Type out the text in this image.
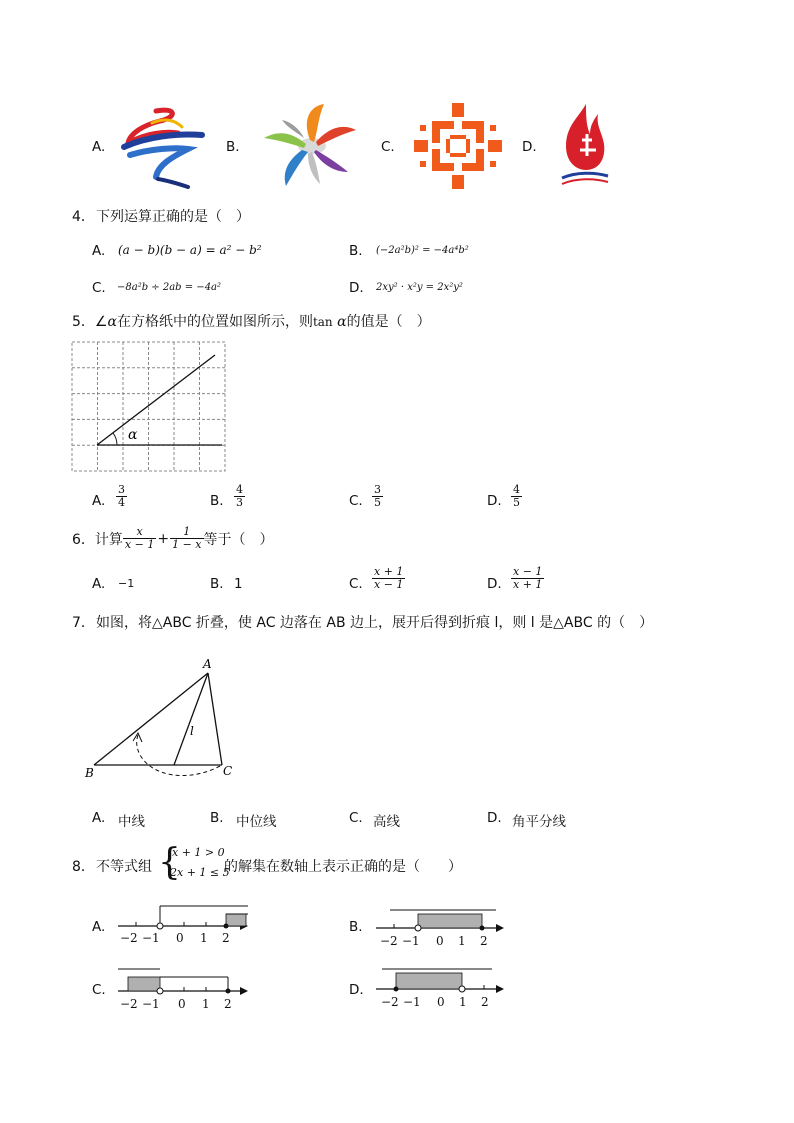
A.	B.	C.	D.
4． 下列运算正确的是（　）
A. (a − b)(b − a) = a² − b²	B. (−2a²b)² = −4a⁴b²
C. −8a²b ÷ 2ab = −4a²	D. 2xy² · x²y = 2x²y²
5．∠α在方格纸中的位置如图所示，则tan α的值是（　）
α
A. $\frac{3}{4}$	B. $\frac{4}{3}$	C. $\frac{3}{5}$	D. $\frac{4}{5}$
6． 计算 $\frac{x}{x - 1} + \frac{1}{1 - x}$ 等于（　）
A. −1	B. 1	C. $\frac{x + 1}{x - 1}$	D. $\frac{x - 1}{x + 1}$
7． 如图，将△ABC 折叠，使 AC 边落在 AB 边上，展开后得到折痕 l，则 l 是△ABC 的（　）
A
B	C
l
A. 中线	B. 中位线	C. 高线	D. 角平分线
8． 不等式组 {
x + 1 > 0
2x + 1 ≤ 5
的解集在数轴上表示正确的是（　　）
A.
−2 −1 0 1 2
B.
−2 −1 0 1 2
C.
−2 −1 0 1 2
D.
−2 −1 0 1 2
